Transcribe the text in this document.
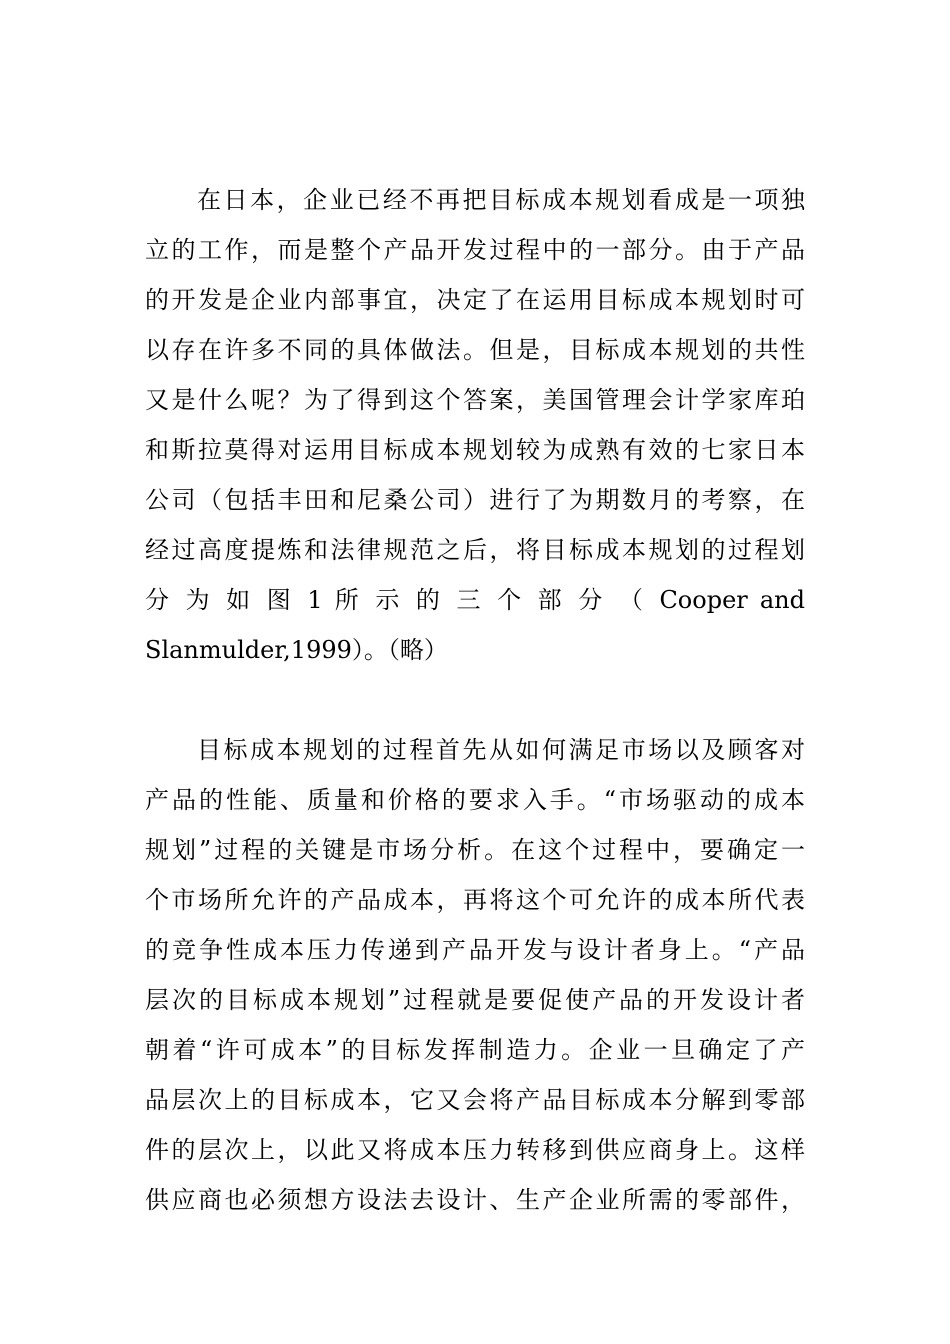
在日本，企业已经不再把目标成本规划看成是一项独
立的工作，而是整个产品开发过程中的一部分。由于产品
的开发是企业内部事宜，决定了在运用目标成本规划时可
以存在许多不同的具体做法。但是，目标成本规划的共性
又是什么呢？为了得到这个答案，美国管理会计学家库珀
和斯拉莫得对运用目标成本规划较为成熟有效的七家日本
公司（包括丰田和尼桑公司）进行了为期数月的考察，在
经过高度提炼和法律规范之后，将目标成本规划的过程划
分 为 如 图 1 所 示 的 三 个 部 分 （ Cooper and
Slanmulder,1999）。（略）
目标成本规划的过程首先从如何满足市场以及顾客对
产品的性能、质量和价格的要求入手。“市场驱动的成本
规划”过程的关键是市场分析。在这个过程中，要确定一
个市场所允许的产品成本，再将这个可允许的成本所代表
的竞争性成本压力传递到产品开发与设计者身上。“产品
层次的目标成本规划”过程就是要促使产品的开发设计者
朝着“许可成本”的目标发挥制造力。企业一旦确定了产
品层次上的目标成本，它又会将产品目标成本分解到零部
件的层次上，以此又将成本压力转移到供应商身上。这样
供应商也必须想方设法去设计、生产企业所需的零部件，
